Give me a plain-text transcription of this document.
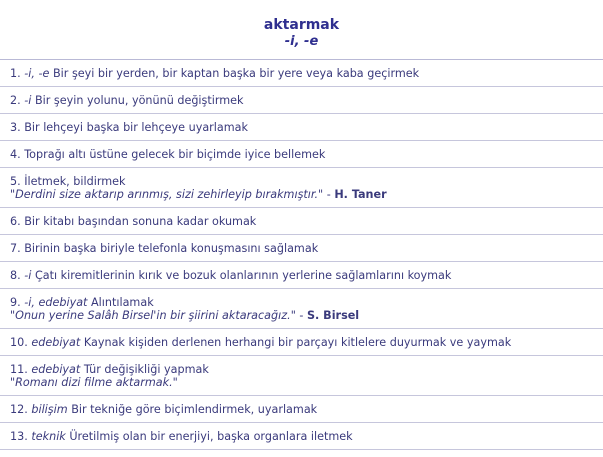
aktarmak
-i, -e
1. -i, -e Bir şeyi bir yerden, bir kaptan başka bir yere veya kaba geçirmek
2. -i Bir şeyin yolunu, yönünü değiştirmek
3. Bir lehçeyi başka bir lehçeye uyarlamak
4. Toprağı altı üstüne gelecek bir biçimde iyice bellemek
5. İletmek, bildirmek
"Derdini size aktarıp arınmış, sizi zehirleyip bırakmıştır." - H. Taner
6. Bir kitabı başından sonuna kadar okumak
7. Birinin başka biriyle telefonla konuşmasını sağlamak
8. -i Çatı kiremitlerinin kırık ve bozuk olanlarının yerlerine sağlamlarını koymak
9. -i, edebiyat Alıntılamak
"Onun yerine Salâh Birsel'in bir şiirini aktaracağız." - S. Birsel
10. edebiyat Kaynak kişiden derlenen herhangi bir parçayı kitlelere duyurmak ve yaymak
11. edebiyat Tür değişikliği yapmak
"Romanı dizi filme aktarmak."
12. bilişim Bir tekniğe göre biçimlendirmek, uyarlamak
13. teknik Üretilmiş olan bir enerjiyi, başka organlara iletmek
